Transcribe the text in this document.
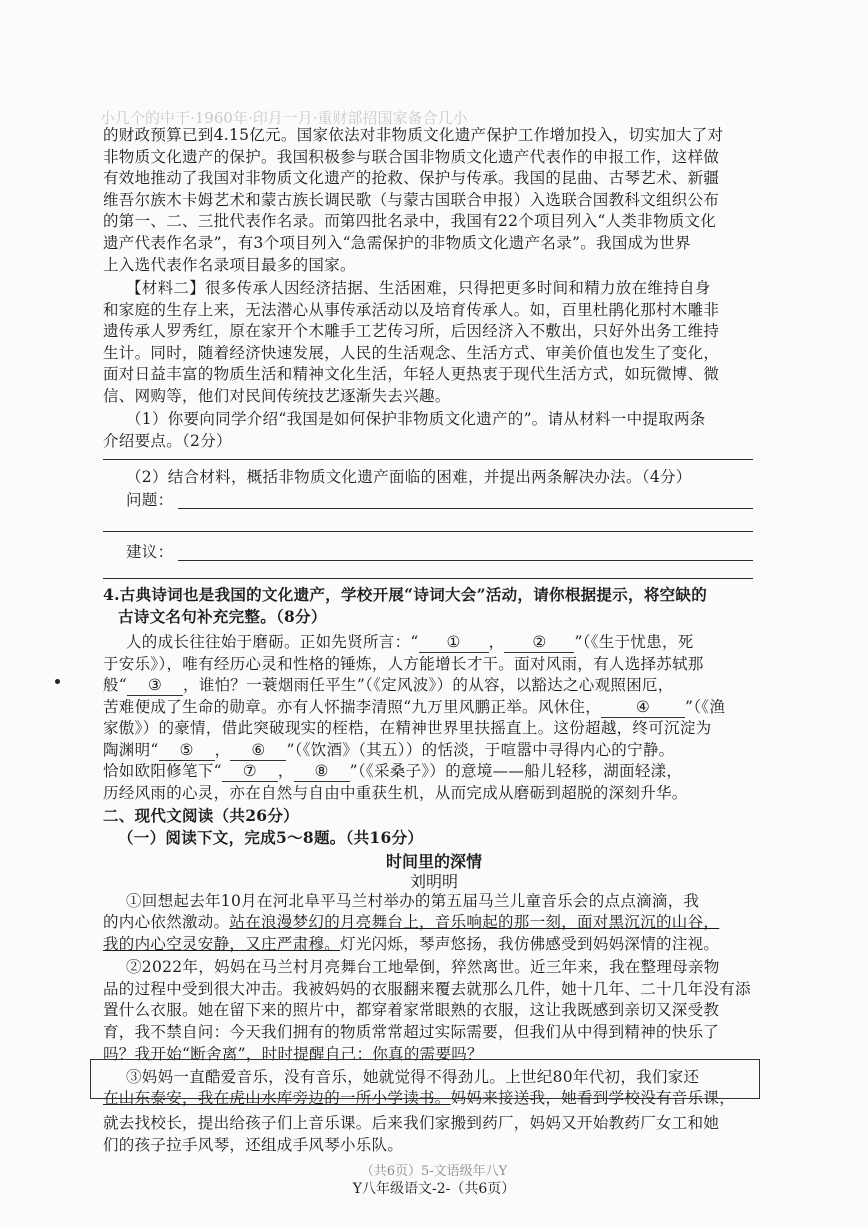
小几个的中干·1960年·印月一月·重财部招国家备合几小
的财政预算已到4.15亿元。国家依法对非物质文化遗产保护工作增加投入，切实加大了对
非物质文化遗产的保护。我国积极参与联合国非物质文化遗产代表作的申报工作，这样做
有效地推动了我国对非物质文化遗产的抢救、保护与传承。我国的昆曲、古琴艺术、新疆
维吾尔族木卡姆艺术和蒙古族长调民歌（与蒙古国联合申报）入选联合国教科文组织公布
的第一、二、三批代表作名录。而第四批名录中，我国有22个项目列入“人类非物质文化
遗产代表作名录”，有3个项目列入“急需保护的非物质文化遗产名录”。我国成为世界
上入选代表作名录项目最多的国家。
【材料二】很多传承人因经济拮据、生活困难，只得把更多时间和精力放在维持自身
和家庭的生存上来，无法潜心从事传承活动以及培育传承人。如，百里杜鹃化那村木雕非
遗传承人罗秀红，原在家开个木雕手工艺传习所，后因经济入不敷出，只好外出务工维持
生计。同时，随着经济快速发展，人民的生活观念、生活方式、审美价值也发生了变化，
面对日益丰富的物质生活和精神文化生活，年轻人更热衷于现代生活方式，如玩微博、微
信、网购等，他们对民间传统技艺逐渐失去兴趣。
（1）你要向同学介绍“我国是如何保护非物质文化遗产的”。请从材料一中提取两条
介绍要点。（2分）
（2）结合材料，概括非物质文化遗产面临的困难，并提出两条解决办法。（4分）
问题：
建议：
4.古典诗词也是我国的文化遗产，学校开展“诗词大会”活动，请你根据提示，将空缺的
古诗文名句补充完整。（8分）
人的成长往往始于磨砺。正如先贤所言：“ ① ， ② ”（《生于忧患，死
于安乐》），唯有经历心灵和性格的锤炼，人方能增长才干。面对风雨，有人选择苏轼那
般“ ③ ，谁怕？一蓑烟雨任平生”（《定风波》）的从容，以豁达之心观照困厄，
苦难便成了生命的勋章。亦有人怀揣李清照“九万里风鹏正举。风休住， ④ ”（《渔
家傲》）的豪情，借此突破现实的桎梏，在精神世界里扶摇直上。这份超越，终可沉淀为
陶渊明“ ⑤ ， ⑥ ”（《饮酒》（其五））的恬淡，于喧嚣中寻得内心的宁静。
恰如欧阳修笔下“ ⑦ ， ⑧ ”（《采桑子》）的意境——船儿轻移，湖面轻漾，
历经风雨的心灵，亦在自然与自由中重获生机，从而完成从磨砺到超脱的深刻升华。
二、现代文阅读（共26分）
（一）阅读下文，完成5～8题。（共16分）
时间里的深情
刘明明
①回想起去年10月在河北阜平马兰村举办的第五届马兰儿童音乐会的点点滴滴，我
的内心依然激动。站在浪漫梦幻的月亮舞台上，音乐响起的那一刻，面对黑沉沉的山谷，
我的内心空灵安静，又庄严肃穆。灯光闪烁，琴声悠扬，我仿佛感受到妈妈深情的注视。
②2022年，妈妈在马兰村月亮舞台工地晕倒，猝然离世。近三年来，我在整理母亲物
品的过程中受到很大冲击。我被妈妈的衣服翻来覆去就那么几件，她十几年、二十几年没有添
置什么衣服。她在留下来的照片中，都穿着家常眼熟的衣服，这让我既感到亲切又深受教
育，我不禁自问：今天我们拥有的物质常常超过实际需要，但我们从中得到精神的快乐了
吗？我开始“断舍离”，时时提醒自己：你真的需要吗？
③妈妈一直酷爱音乐，没有音乐，她就觉得不得劲儿。上世纪80年代初，我们家还
在山东泰安，我在虎山水库旁边的一所小学读书。妈妈来接送我，她看到学校没有音乐课，
就去找校长，提出给孩子们上音乐课。后来我们家搬到药厂，妈妈又开始教药厂女工和她
们的孩子拉手风琴，还组成手风琴小乐队。
（共6页）5-文语级年八Y
Y八年级语文-2-（共6页）
